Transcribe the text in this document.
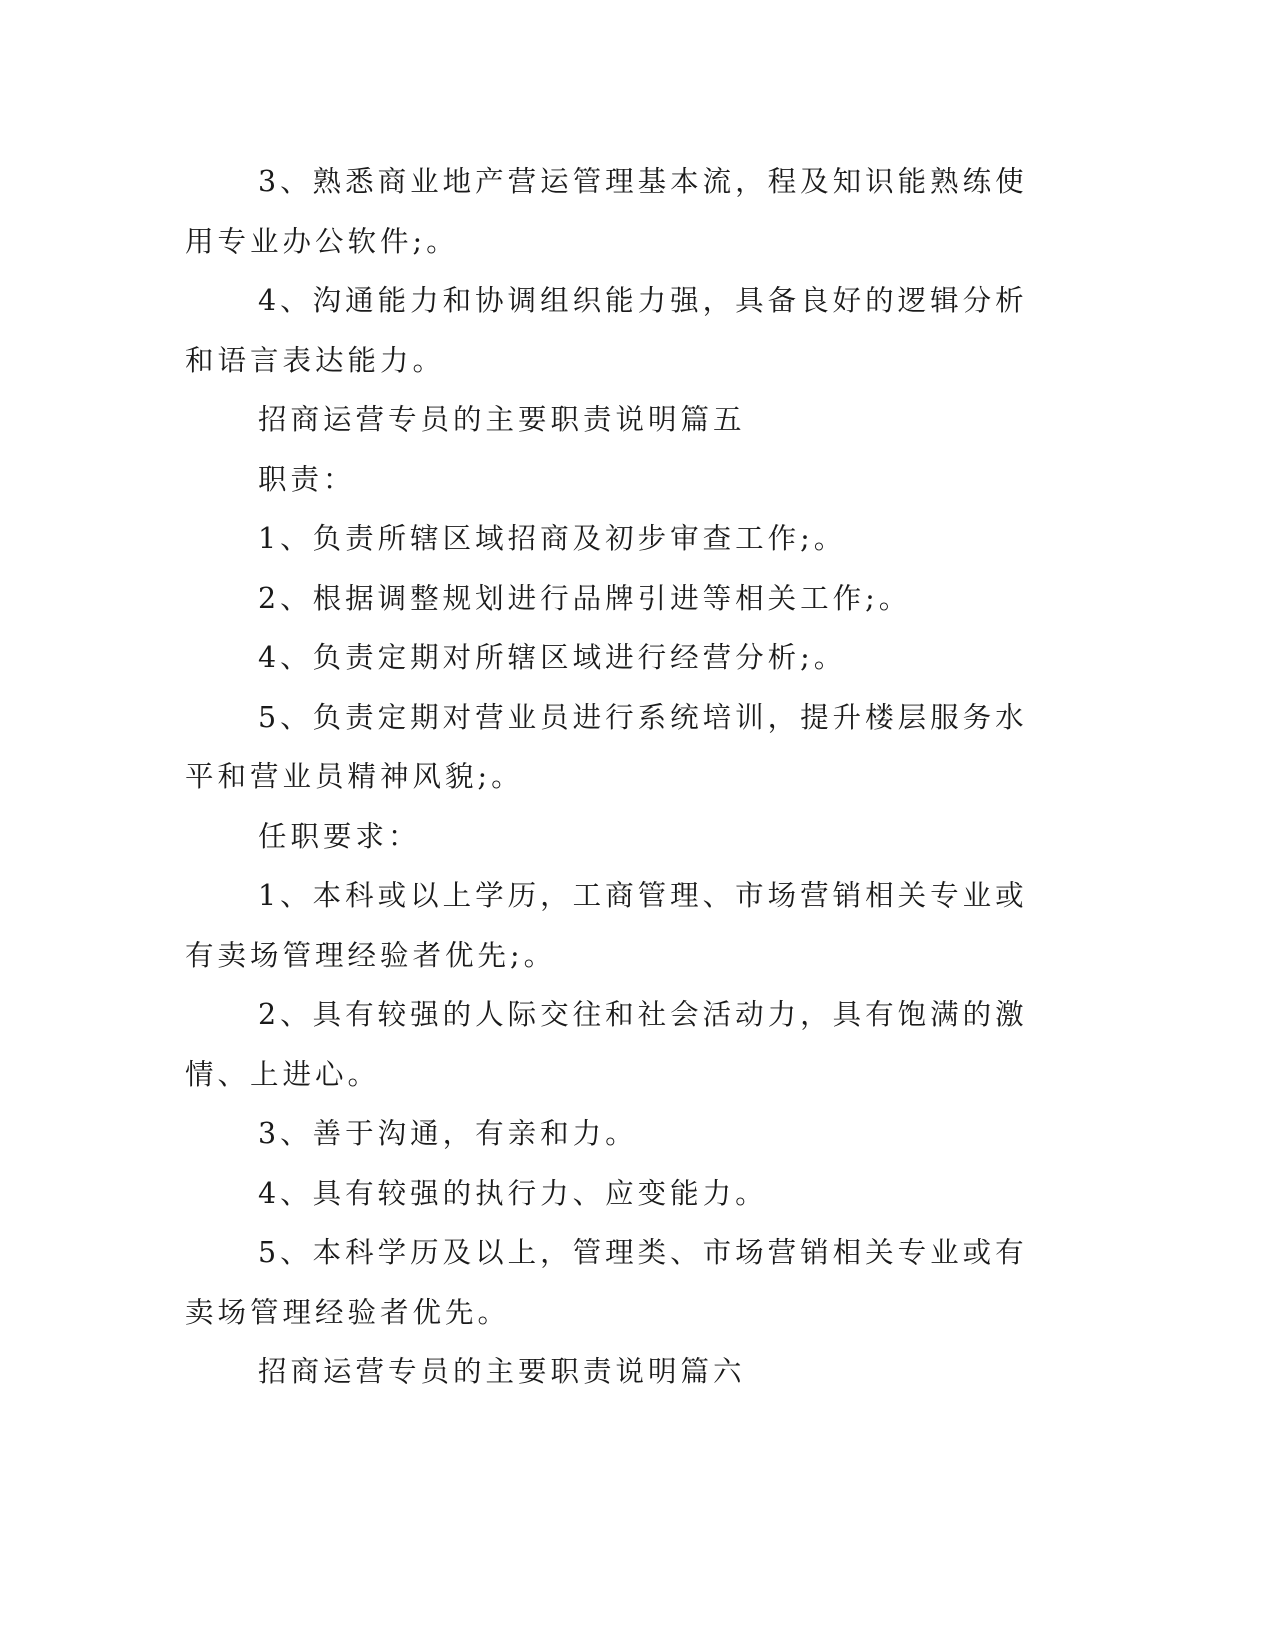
3、熟悉商业地产营运管理基本流，程及知识能熟练使用专业办公软件;。

4、沟通能力和协调组织能力强，具备良好的逻辑分析和语言表达能力。

招商运营专员的主要职责说明篇五

职责：

1、负责所辖区域招商及初步审查工作;。

2、根据调整规划进行品牌引进等相关工作;。

4、负责定期对所辖区域进行经营分析;。

5、负责定期对营业员进行系统培训，提升楼层服务水平和营业员精神风貌;。

任职要求：

1、本科或以上学历，工商管理、市场营销相关专业或有卖场管理经验者优先;。

2、具有较强的人际交往和社会活动力，具有饱满的激情、上进心。

3、善于沟通，有亲和力。

4、具有较强的执行力、应变能力。

5、本科学历及以上，管理类、市场营销相关专业或有卖场管理经验者优先。

招商运营专员的主要职责说明篇六
